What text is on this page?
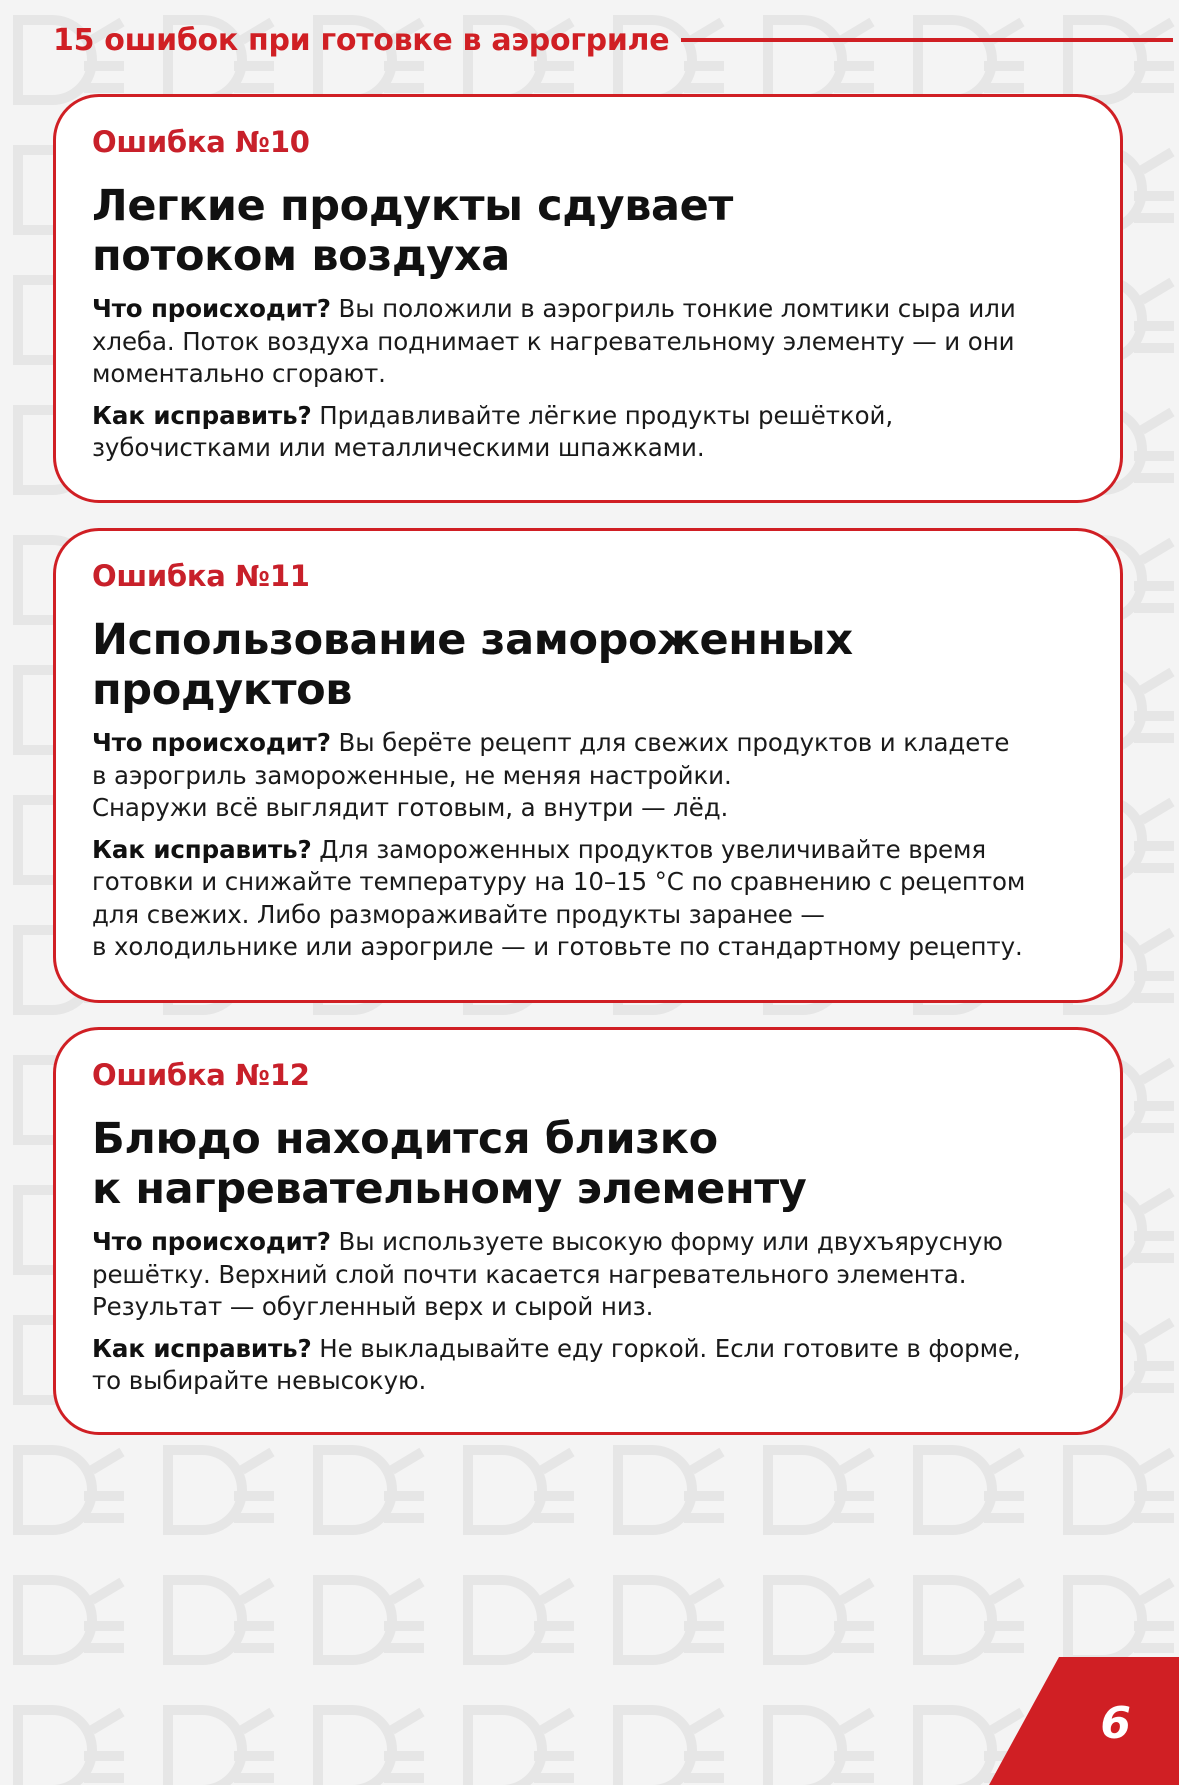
15 ошибок при готовке в аэрогриле
Ошибка №10
Легкие продукты сдувает
потоком воздуха
Что происходит? Вы положили в аэрогриль тонкие ломтики сыра или
хлеба. Поток воздуха поднимает к нагревательному элементу — и они
моментально сгорают.
Как исправить? Придавливайте лёгкие продукты решёткой,
зубочистками или металлическими шпажками.
Ошибка №11
Использование замороженных
продуктов
Что происходит? Вы берёте рецепт для свежих продуктов и кладете
в аэрогриль замороженные, не меняя настройки.
Снаружи всё выглядит готовым, а внутри — лёд.
Как исправить? Для замороженных продуктов увеличивайте время
готовки и снижайте температуру на 10–15 °C по сравнению с рецептом
для свежих. Либо размораживайте продукты заранее —
в холодильнике или аэрогриле — и готовьте по стандартному рецепту.
Ошибка №12
Блюдо находится близко
к нагревательному элементу
Что происходит? Вы используете высокую форму или двухъярусную
решётку. Верхний слой почти касается нагревательного элемента.
Результат — обугленный верх и сырой низ.
Как исправить? Не выкладывайте еду горкой. Если готовите в форме,
то выбирайте невысокую.
6
